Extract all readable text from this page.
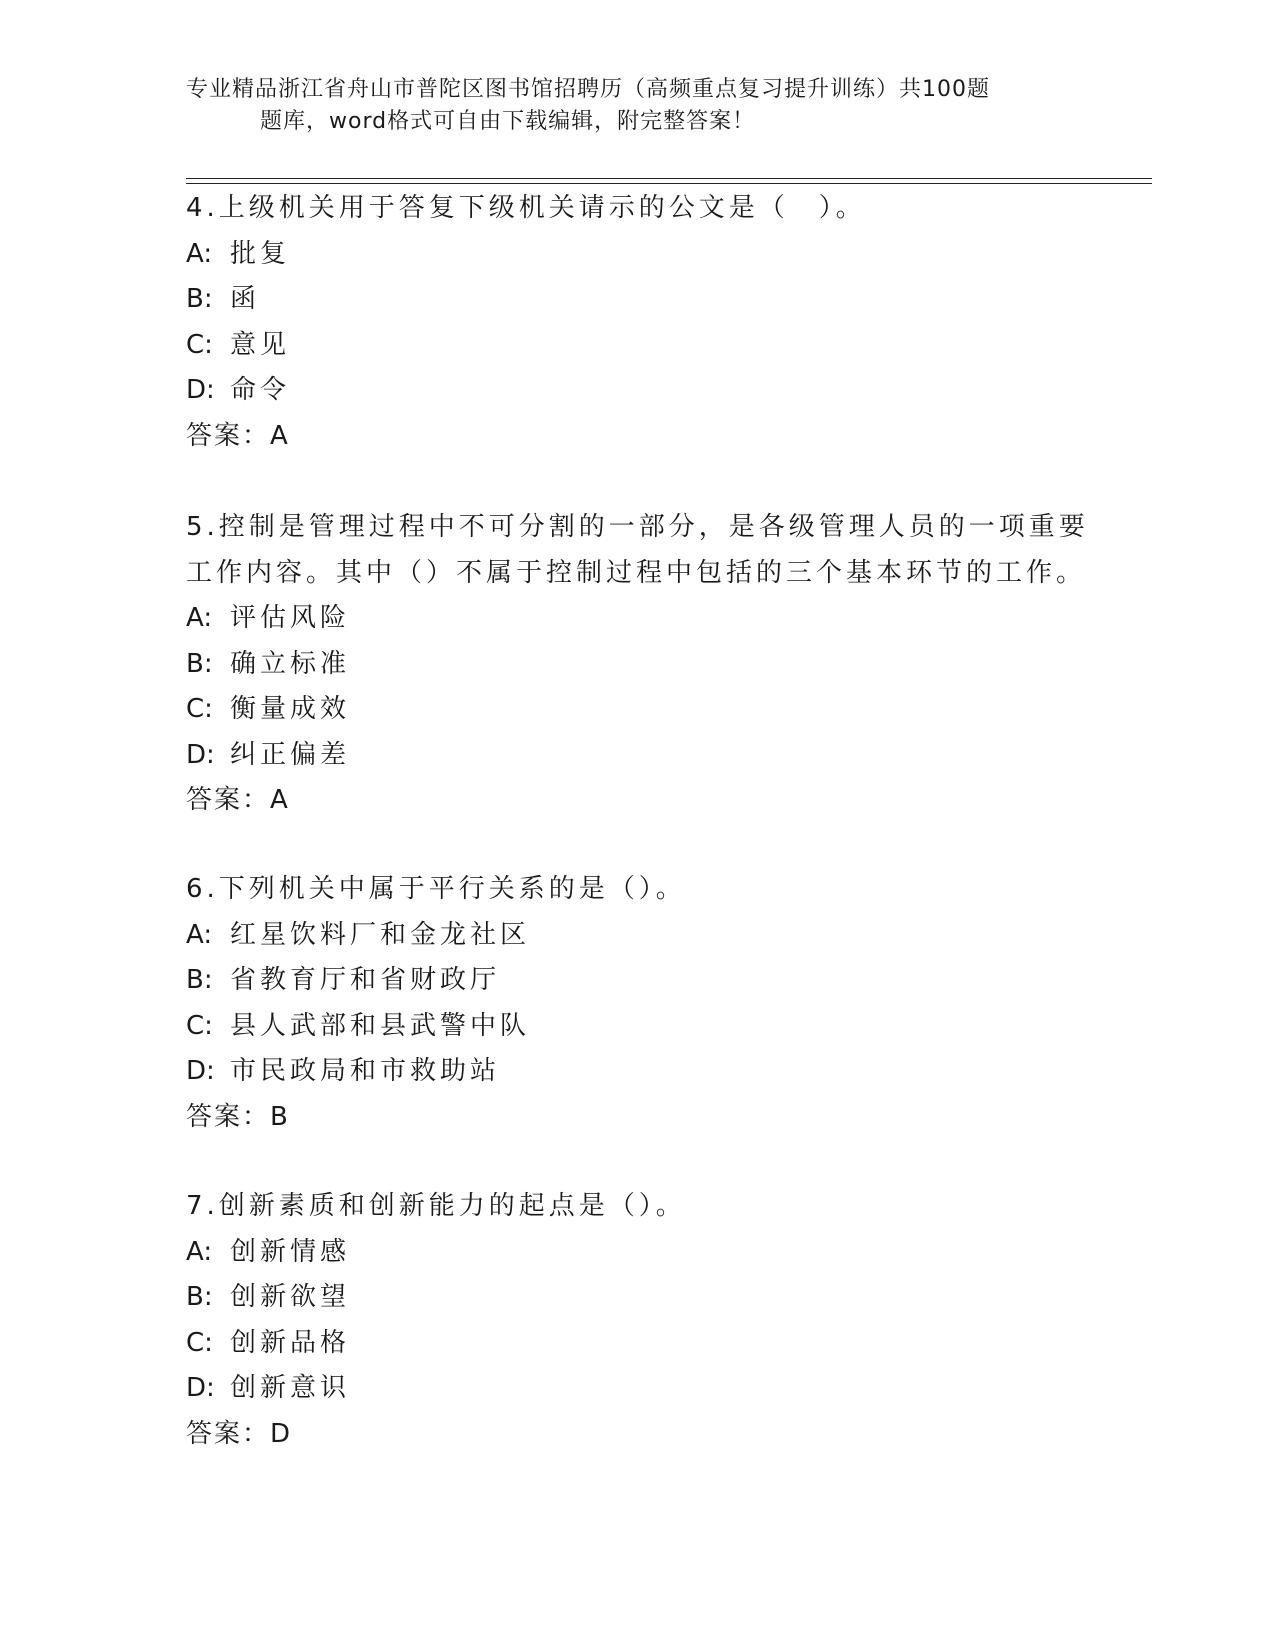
专业精品浙江省舟山市普陀区图书馆招聘历（高频重点复习提升训练）共100题
题库，word格式可自由下载编辑，附完整答案！
4.上级机关用于答复下级机关请示的公文是（　）。
A: 批复
B: 函
C: 意见
D: 命令
答案：A
5.控制是管理过程中不可分割的一部分，是各级管理人员的一项重要
工作内容。其中（）不属于控制过程中包括的三个基本环节的工作。
A: 评估风险
B: 确立标准
C: 衡量成效
D: 纠正偏差
答案：A
6.下列机关中属于平行关系的是（）。
A: 红星饮料厂和金龙社区
B: 省教育厅和省财政厅
C: 县人武部和县武警中队
D: 市民政局和市救助站
答案：B
7.创新素质和创新能力的起点是（）。
A: 创新情感
B: 创新欲望
C: 创新品格
D: 创新意识
答案：D
